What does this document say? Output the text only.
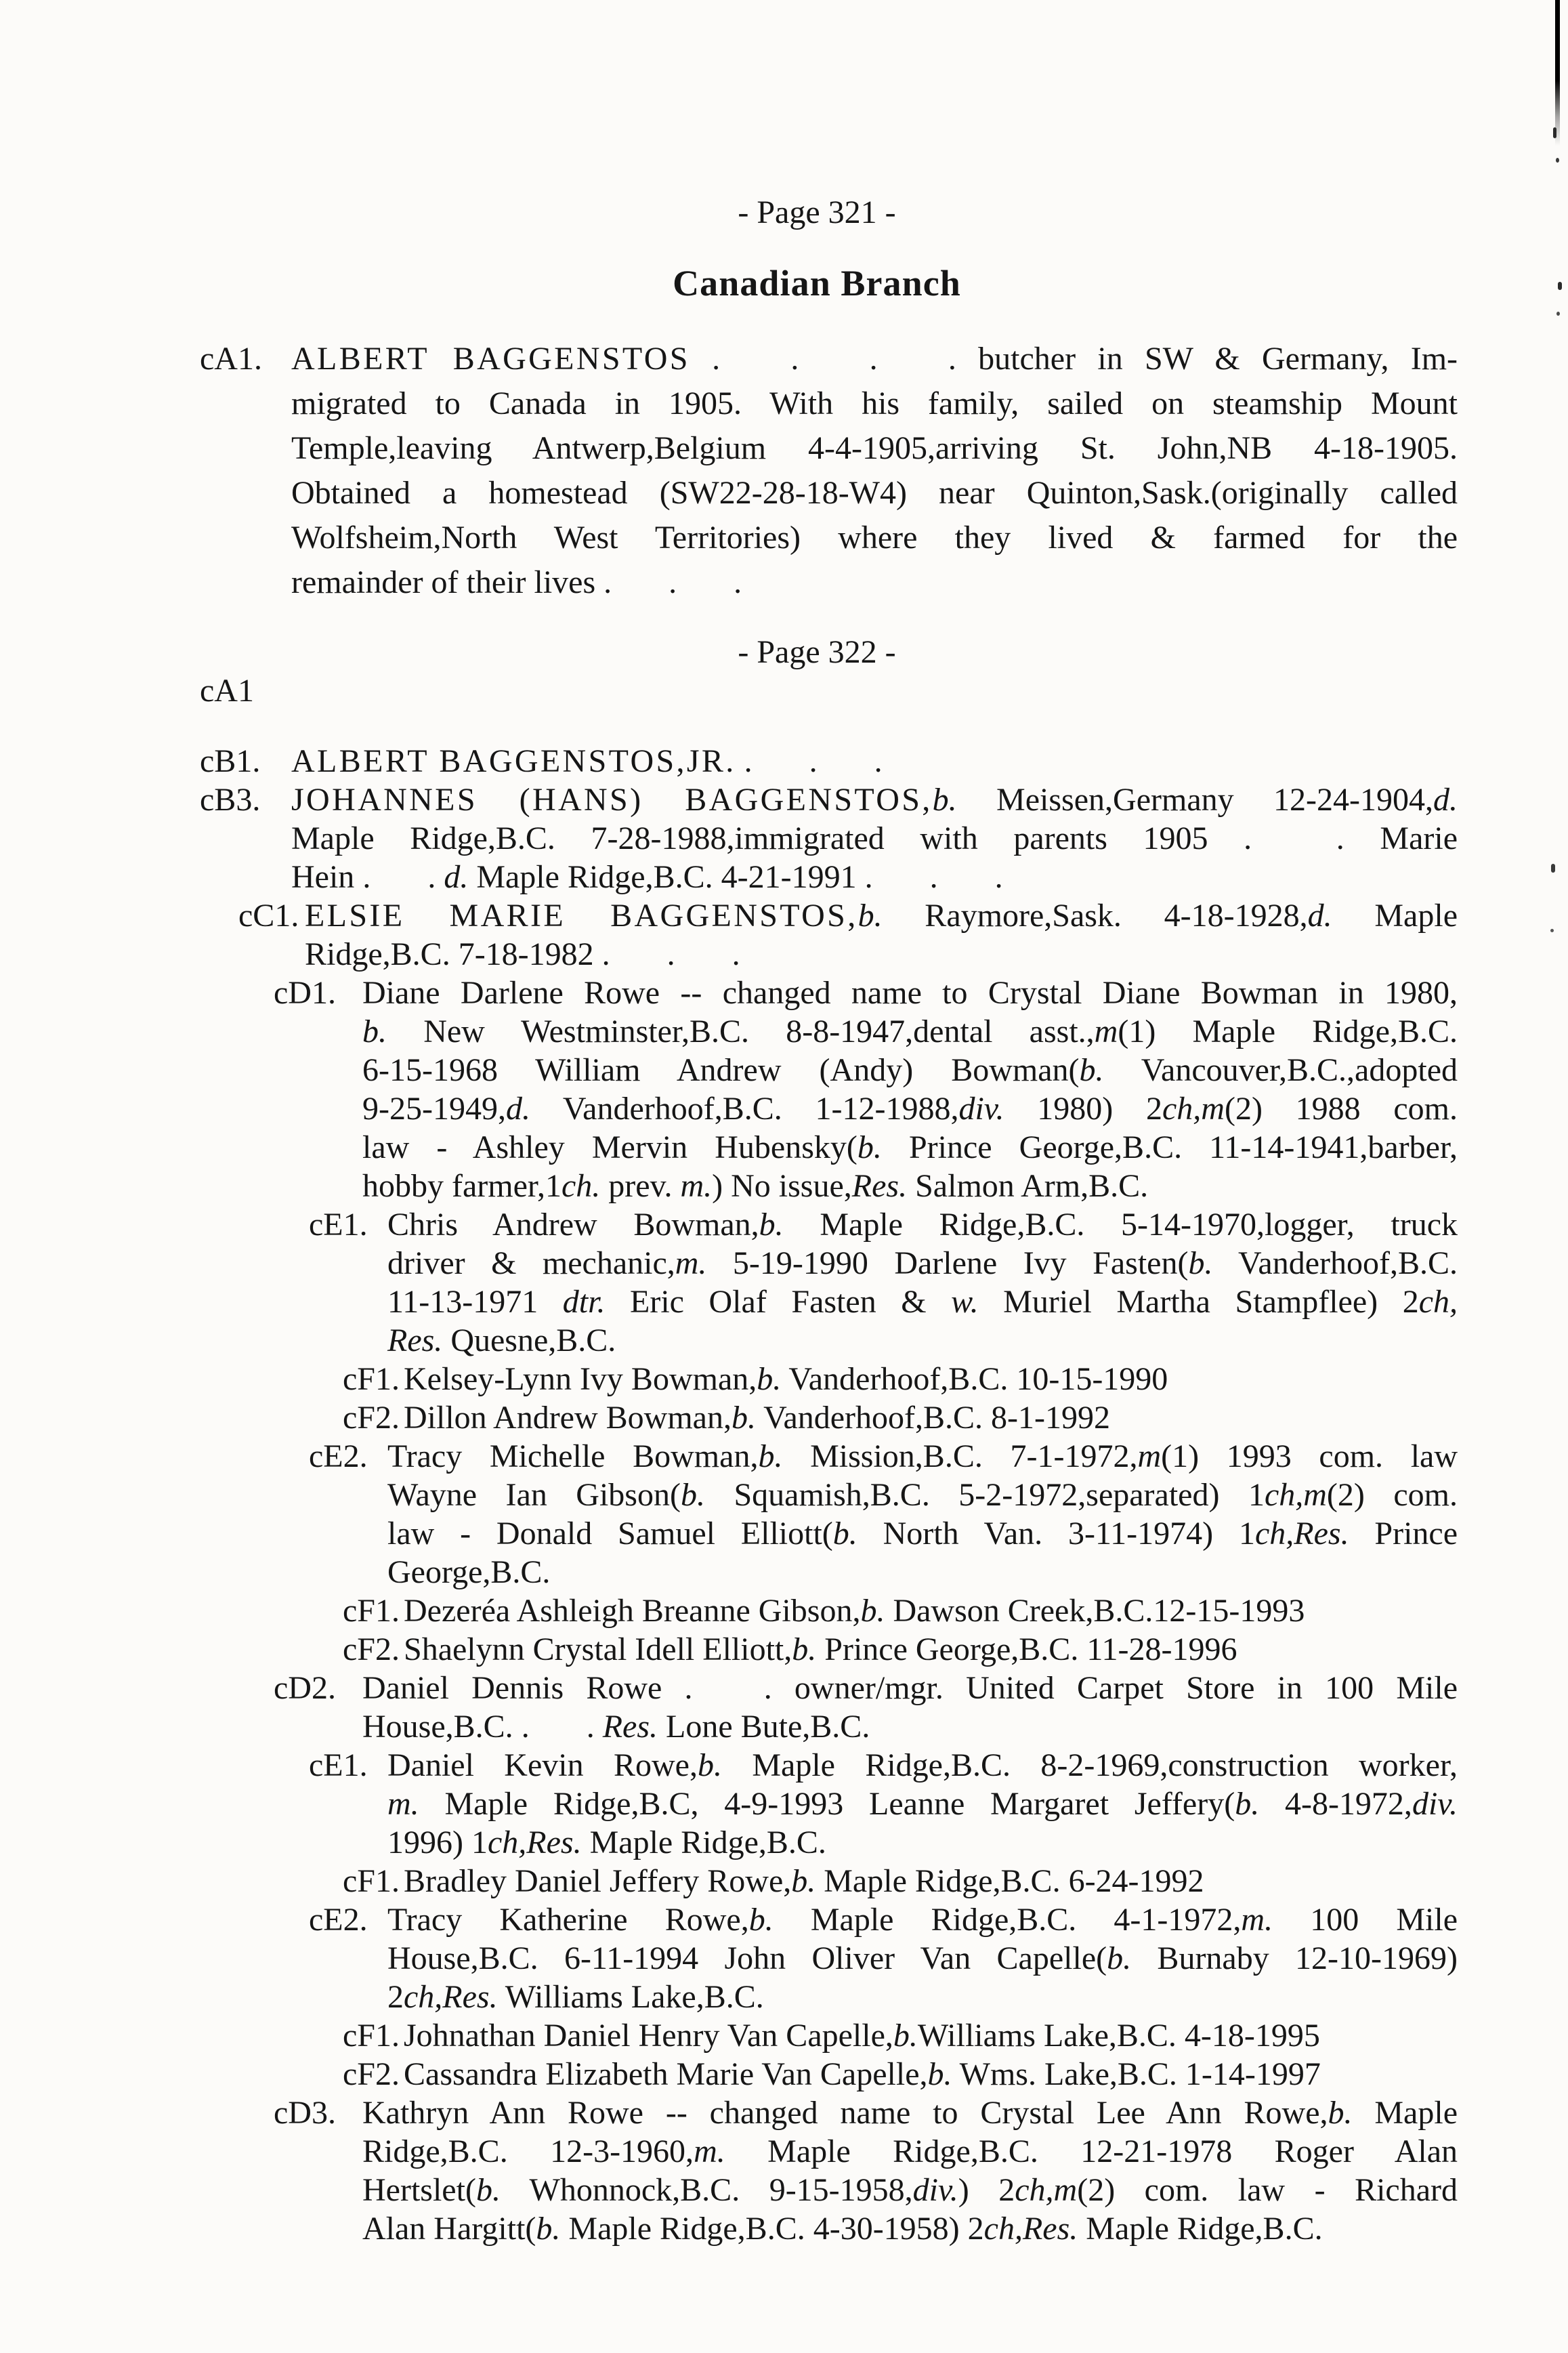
- Page 321 -
Canadian Branch
cA1. ALBERT BAGGENSTOS . . . . butcher in SW & Germany, Im-
migrated to Canada in 1905. With his family, sailed on steamship Mount
Temple,leaving Antwerp,Belgium 4-4-1905,arriving St. John,NB 4-18-1905.
Obtained a homestead (SW22-28-18-W4) near Quinton,Sask.(originally called
Wolfsheim,North West Territories) where they lived & farmed for the
remainder of their lives . . .
- Page 322 -
cA1
cB1. ALBERT BAGGENSTOS,JR. . . .
cB3. JOHANNES (HANS) BAGGENSTOS,b. Meissen,Germany 12-24-1904,d.
Maple Ridge,B.C. 7-28-1988,immigrated with parents 1905 . . Marie
Hein . . d. Maple Ridge,B.C. 4-21-1991 . . .
cC1. ELSIE MARIE BAGGENSTOS,b. Raymore,Sask. 4-18-1928,d. Maple
Ridge,B.C. 7-18-1982 . . .
cD1. Diane Darlene Rowe -- changed name to Crystal Diane Bowman in 1980,
b. New Westminster,B.C. 8-8-1947,dental asst.,m(1) Maple Ridge,B.C.
6-15-1968 William Andrew (Andy) Bowman(b. Vancouver,B.C.,adopted
9-25-1949,d. Vanderhoof,B.C. 1-12-1988,div. 1980) 2ch,m(2) 1988 com.
law - Ashley Mervin Hubensky(b. Prince George,B.C. 11-14-1941,barber,
hobby farmer,1ch. prev. m.) No issue,Res. Salmon Arm,B.C.
cE1. Chris Andrew Bowman,b. Maple Ridge,B.C. 5-14-1970,logger, truck
driver & mechanic,m. 5-19-1990 Darlene Ivy Fasten(b. Vanderhoof,B.C.
11-13-1971 dtr. Eric Olaf Fasten & w. Muriel Martha Stampflee) 2ch,
Res. Quesne,B.C.
cF1. Kelsey-Lynn Ivy Bowman,b. Vanderhoof,B.C. 10-15-1990
cF2. Dillon Andrew Bowman,b. Vanderhoof,B.C. 8-1-1992
cE2. Tracy Michelle Bowman,b. Mission,B.C. 7-1-1972,m(1) 1993 com. law
Wayne Ian Gibson(b. Squamish,B.C. 5-2-1972,separated) 1ch,m(2) com.
law - Donald Samuel Elliott(b. North Van. 3-11-1974) 1ch,Res. Prince
George,B.C.
cF1. Dezeréa Ashleigh Breanne Gibson,b. Dawson Creek,B.C.12-15-1993
cF2. Shaelynn Crystal Idell Elliott,b. Prince George,B.C. 11-28-1996
cD2. Daniel Dennis Rowe . . owner/mgr. United Carpet Store in 100 Mile
House,B.C. . . Res. Lone Bute,B.C.
cE1. Daniel Kevin Rowe,b. Maple Ridge,B.C. 8-2-1969,construction worker,
m. Maple Ridge,B.C, 4-9-1993 Leanne Margaret Jeffery(b. 4-8-1972,div.
1996) 1ch,Res. Maple Ridge,B.C.
cF1. Bradley Daniel Jeffery Rowe,b. Maple Ridge,B.C. 6-24-1992
cE2. Tracy Katherine Rowe,b. Maple Ridge,B.C. 4-1-1972,m. 100 Mile
House,B.C. 6-11-1994 John Oliver Van Capelle(b. Burnaby 12-10-1969)
2ch,Res. Williams Lake,B.C.
cF1. Johnathan Daniel Henry Van Capelle,b.Williams Lake,B.C. 4-18-1995
cF2. Cassandra Elizabeth Marie Van Capelle,b. Wms. Lake,B.C. 1-14-1997
cD3. Kathryn Ann Rowe -- changed name to Crystal Lee Ann Rowe,b. Maple
Ridge,B.C. 12-3-1960,m. Maple Ridge,B.C. 12-21-1978 Roger Alan
Hertslet(b. Whonnock,B.C. 9-15-1958,div.) 2ch,m(2) com. law - Richard
Alan Hargitt(b. Maple Ridge,B.C. 4-30-1958) 2ch,Res. Maple Ridge,B.C.
